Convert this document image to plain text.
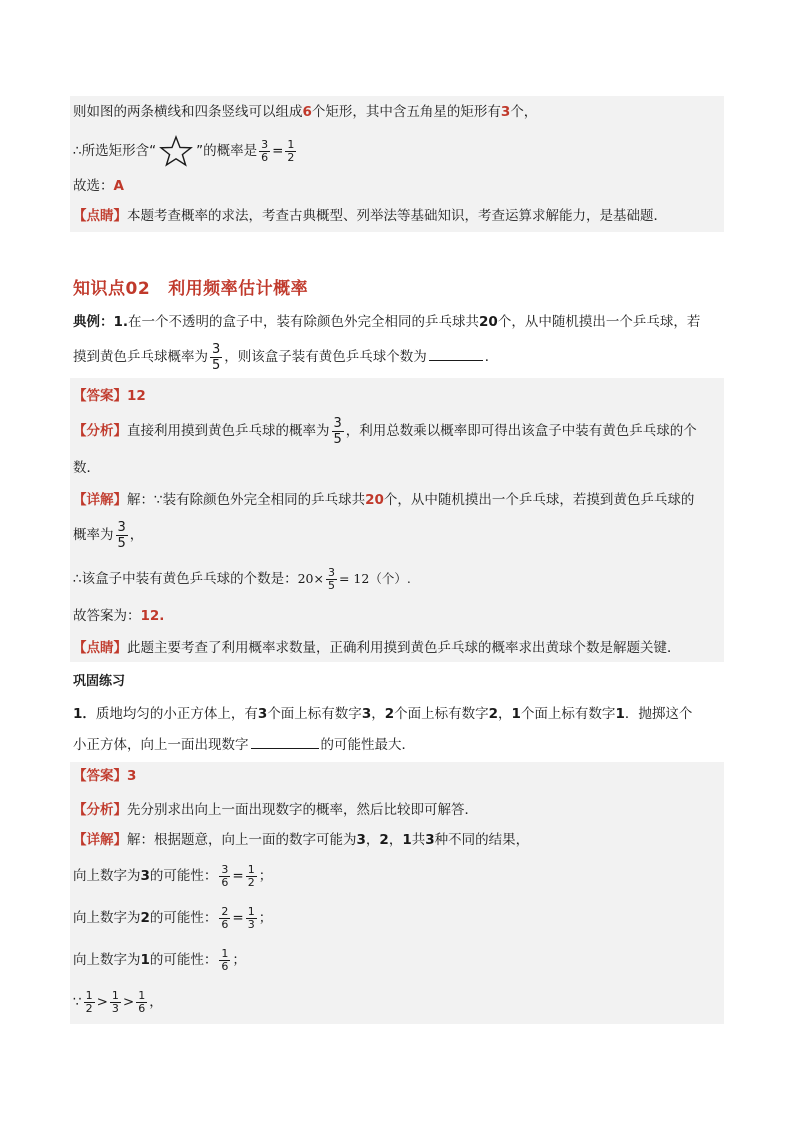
则如图的两条横线和四条竖线可以组成6个矩形，其中含五角星的矩形有3个，
∴所选矩形含“	”的概率是 $\frac{3}{6} = \frac{1}{2}$
故选：A
【点睛】本题考查概率的求法，考查古典概型、列举法等基础知识，考查运算求解能力，是基础题．
知识点02 利用频率估计概率
典例：1.在一个不透明的盒子中，装有除颜色外完全相同的乒乓球共20个，从中随机摸出一个乒乓球，若
摸到黄色乒乓球概率为 $\frac{3}{5}$ ，则该盒子装有黄色乒乓球个数为	．
【答案】12
【分析】直接利用摸到黄色乒乓球的概率为 $\frac{3}{5}$ ，利用总数乘以概率即可得出该盒子中装有黄色乒乓球的个
数．
【详解】解：∵装有除颜色外完全相同的乒乓球共20个，从中随机摸出一个乒乓球，若摸到黄色乒乓球的
概率为 $\frac{3}{5}$ ，
∴该盒子中装有黄色乒乓球的个数是：$20\times \frac{3}{5} = 12$（个）.
故答案为：12.
【点睛】此题主要考查了利用概率求数量，正确利用摸到黄色乒乓球的概率求出黄球个数是解题关键．
巩固练习
1．质地均匀的小正方体上，有3个面上标有数字3，2个面上标有数字2，1个面上标有数字1．抛掷这个
小正方体，向上一面出现数字	的可能性最大．
【答案】3
【分析】先分别求出向上一面出现数字的概率，然后比较即可解答．
【详解】解：根据题意，向上一面的数字可能为3，2，1共3种不同的结果，
向上数字为3的可能性： $\frac{3}{6} = \frac{1}{2}$ ；
向上数字为2的可能性： $\frac{2}{6} = \frac{1}{3}$ ；
向上数字为1的可能性： $\frac{1}{6}$ ；
∵ $\frac{1}{2} > \frac{1}{3} > \frac{1}{6}$ ，
